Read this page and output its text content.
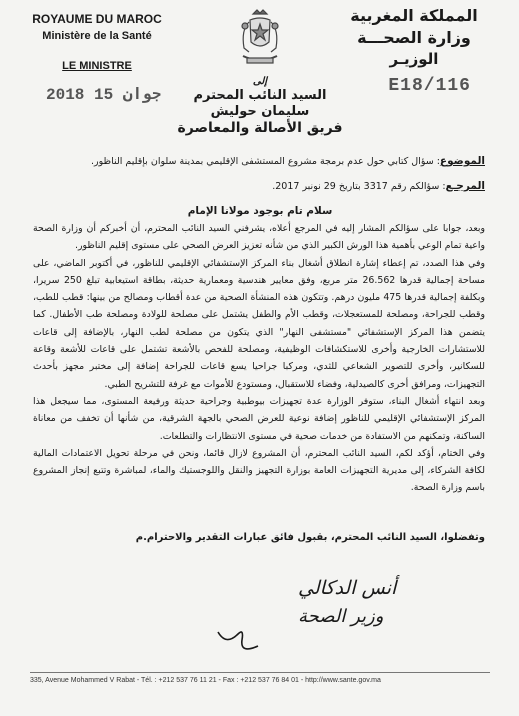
ROYAUME DU MAROC
Ministère de la Santé
LE MINISTRE
المملكة المغربية
وزارة الصحـــة
الوزيـر
2018 جوان 15	E18/116
إلى
السيد النائب المحترم
سليمان حوليش
فريق الأصالة والمعاصرة
الموضوع: سؤال كتابي حول عدم برمجة مشروع المستشفى الإقليمي بمدينة سلوان بإقليم الناظور.
المرجـع: سؤالكم رقم 3317 بتاريخ 29 نونبر 2017.
سلام تام بوجود مولانا الإمام

وبعد، جوابا على سؤالكم المشار إليه في المرجع أعلاه، يشرفني السيد النائب المحترم، أن أخبركم أن وزارة الصحة واعية تمام الوعي بأهمية هذا الورش الكبير الذي من شأنه تعزيز العرض الصحي على مستوى إقليم الناظور.

وفي هذا الصدد، تم إعطاء إشارة انطلاق أشغال بناء المركز الإستشفائي الإقليمي للناظور، في أكتوبر الماضي، على مساحة إجمالية قدرها 26.562 متر مربع، وفق معايير هندسية ومعمارية حديثة، بطاقة استيعابية تبلغ 250 سريرا، وبكلفة إجمالية قدرها 475 مليون درهم. وتتكون هذه المنشأة الصحية من عدة أقطاب ومصالح من بينها: قطب للطب، وقطب للجراحة، ومصلحة للمستعجلات، وقطب الأم والطفل يشتمل على مصلحة للولادة ومصلحة طب الأطفال. كما يتضمن هذا المركز الإستشفائي "مستشفى النهار" الذي يتكون من مصلحة لطب النهار، بالإضافة إلى قاعات للاستشارات الخارجية وأخرى للاستكشافات الوظيفية، ومصلحة للفحص بالأشعة تشتمل على قاعات للأشعة وقاعة للسكانير، وأخرى للتصوير الشعاعي للثدي، ومركبا جراحيا يسع قاعات للجراحة إضافة إلى مختبر مجهز بأحدث التجهيزات، ومرافق أخرى كالصيدلية، وفضاء للاستقبال، ومستودع للأموات مع غرفة للتشريح الطبي.

وبعد انتهاء أشغال البناء، ستوفر الوزارة عدة تجهيزات بيوطبية وجراحية حديثة ورفيعة المستوى، مما سيجعل هذا المركز الإستشفائي الإقليمي للناظور إضافة نوعية للعرض الصحي بالجهة الشرقية، من شأنها أن تخفف من معاناة الساكنة، وتمكنهم من الاستفادة من خدمات صحية في مستوى الانتظارات والتطلعات.

وفي الختام، أؤكد لكم، السيد النائب المحترم، أن المشروع لازال قائما، ونحن في مرحلة تحويل الاعتمادات المالية لكافة الشركاء، إلى مديرية التجهيزات العامة بوزارة التجهيز والنقل واللوجستيك والماء، لمباشرة وتتبع إنجاز المشروع باسم وزارة الصحة.

وتفضلوا، السيد النائب المحترم، بقبول فائق عبارات التقدير والاحترام.م
أنس الدكالي
وزير الصحة
335, Avenue Mohammed V Rabat - Tél. : +212 537 76 11 21 - Fax : +212 537 76 84 01 - http://www.sante.gov.ma
